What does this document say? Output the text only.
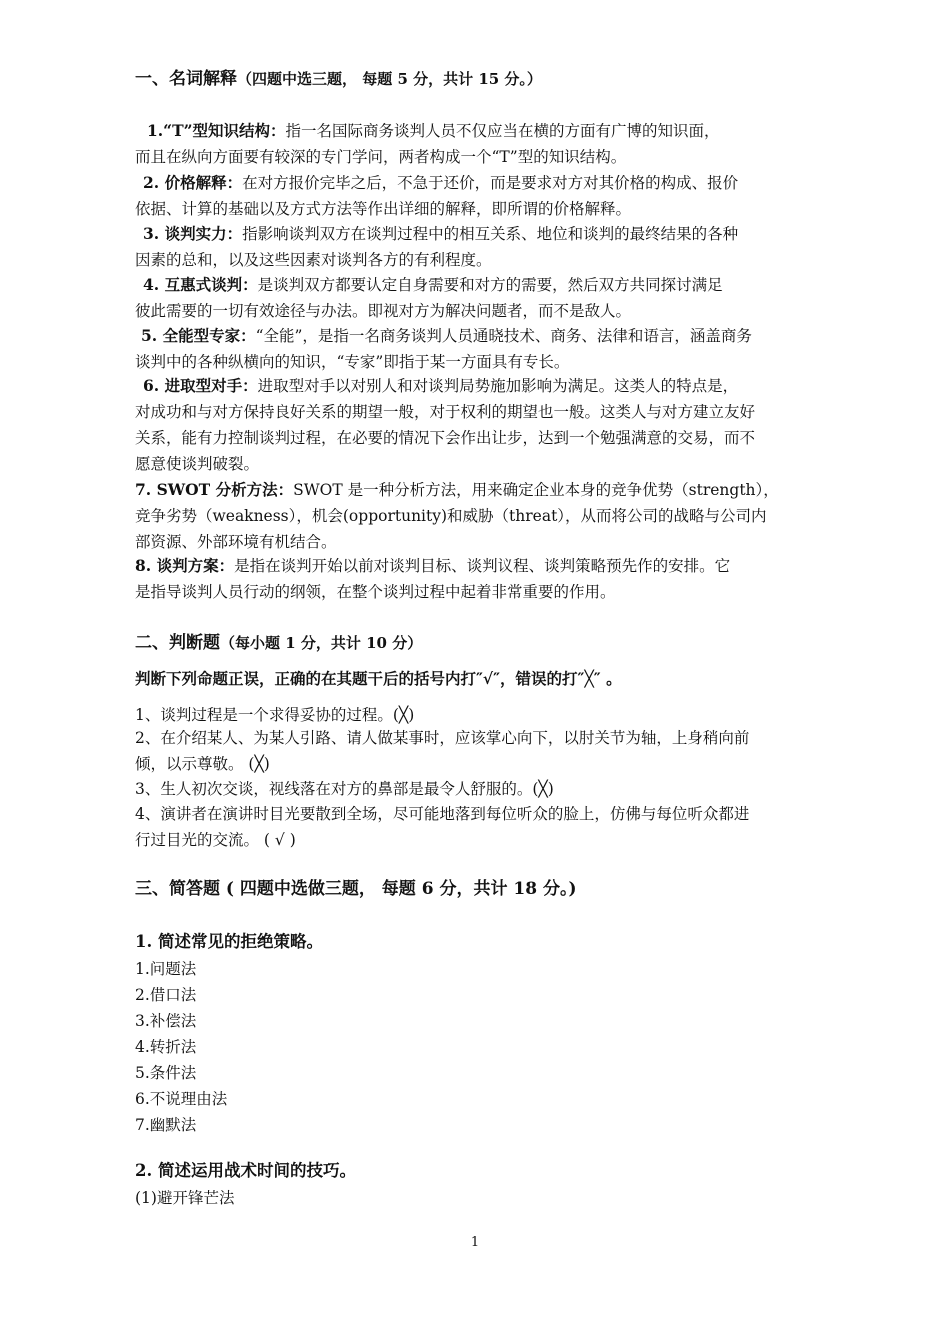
一、名词解释（四题中选三题， 每题 5 分，共计 15 分。）
1.“T”型知识结构：指一名国际商务谈判人员不仅应当在横的方面有广博的知识面，
而且在纵向方面要有较深的专门学问，两者构成一个“T”型的知识结构。
2. 价格解释：在对方报价完毕之后，不急于还价，而是要求对方对其价格的构成、报价
依据、计算的基础以及方式方法等作出详细的解释，即所谓的价格解释。
3. 谈判实力：指影响谈判双方在谈判过程中的相互关系、地位和谈判的最终结果的各种
因素的总和，以及这些因素对谈判各方的有利程度。
4. 互惠式谈判：是谈判双方都要认定自身需要和对方的需要，然后双方共同探讨满足
彼此需要的一切有效途径与办法。即视对方为解决问题者，而不是敌人。
5. 全能型专家：“全能”，是指一名商务谈判人员通晓技术、商务、法律和语言，涵盖商务
谈判中的各种纵横向的知识，“专家”即指于某一方面具有专长。
6. 进取型对手：进取型对手以对别人和对谈判局势施加影响为满足。这类人的特点是，
对成功和与对方保持良好关系的期望一般，对于权利的期望也一般。这类人与对方建立友好
关系，能有力控制谈判过程，在必要的情况下会作出让步，达到一个勉强满意的交易，而不
愿意使谈判破裂。
7. SWOT 分析方法：SWOT 是一种分析方法，用来确定企业本身的竞争优势（strength），
竞争劣势（weakness），机会(opportunity)和威胁（threat），从而将公司的战略与公司内
部资源、外部环境有机结合。
8. 谈判方案：是指在谈判开始以前对谈判目标、谈判议程、谈判策略预先作的安排。它
是指导谈判人员行动的纲领，在整个谈判过程中起着非常重要的作用。
二、判断题（每小题 1 分，共计 10 分）
判断下列命题正误，正确的在其题干后的括号内打″√″，错误的打″╳″ 。
1、谈判过程是一个求得妥协的过程。(╳)
2、在介绍某人、为某人引路、请人做某事时，应该掌心向下，以肘关节为轴，上身稍向前
倾，以示尊敬。 (╳)
3、生人初次交谈，视线落在对方的鼻部是最令人舒服的。(╳)
4、演讲者在演讲时目光要散到全场，尽可能地落到每位听众的脸上，仿佛与每位听众都进
行过目光的交流。 ( √ )
三、简答题 ( 四题中选做三题， 每题 6 分，共计 18 分。)
1. 简述常见的拒绝策略。
1.问题法
2.借口法
3.补偿法
4.转折法
5.条件法
6.不说理由法
7.幽默法
2. 简述运用战术时间的技巧。
(1)避开锋芒法
1
